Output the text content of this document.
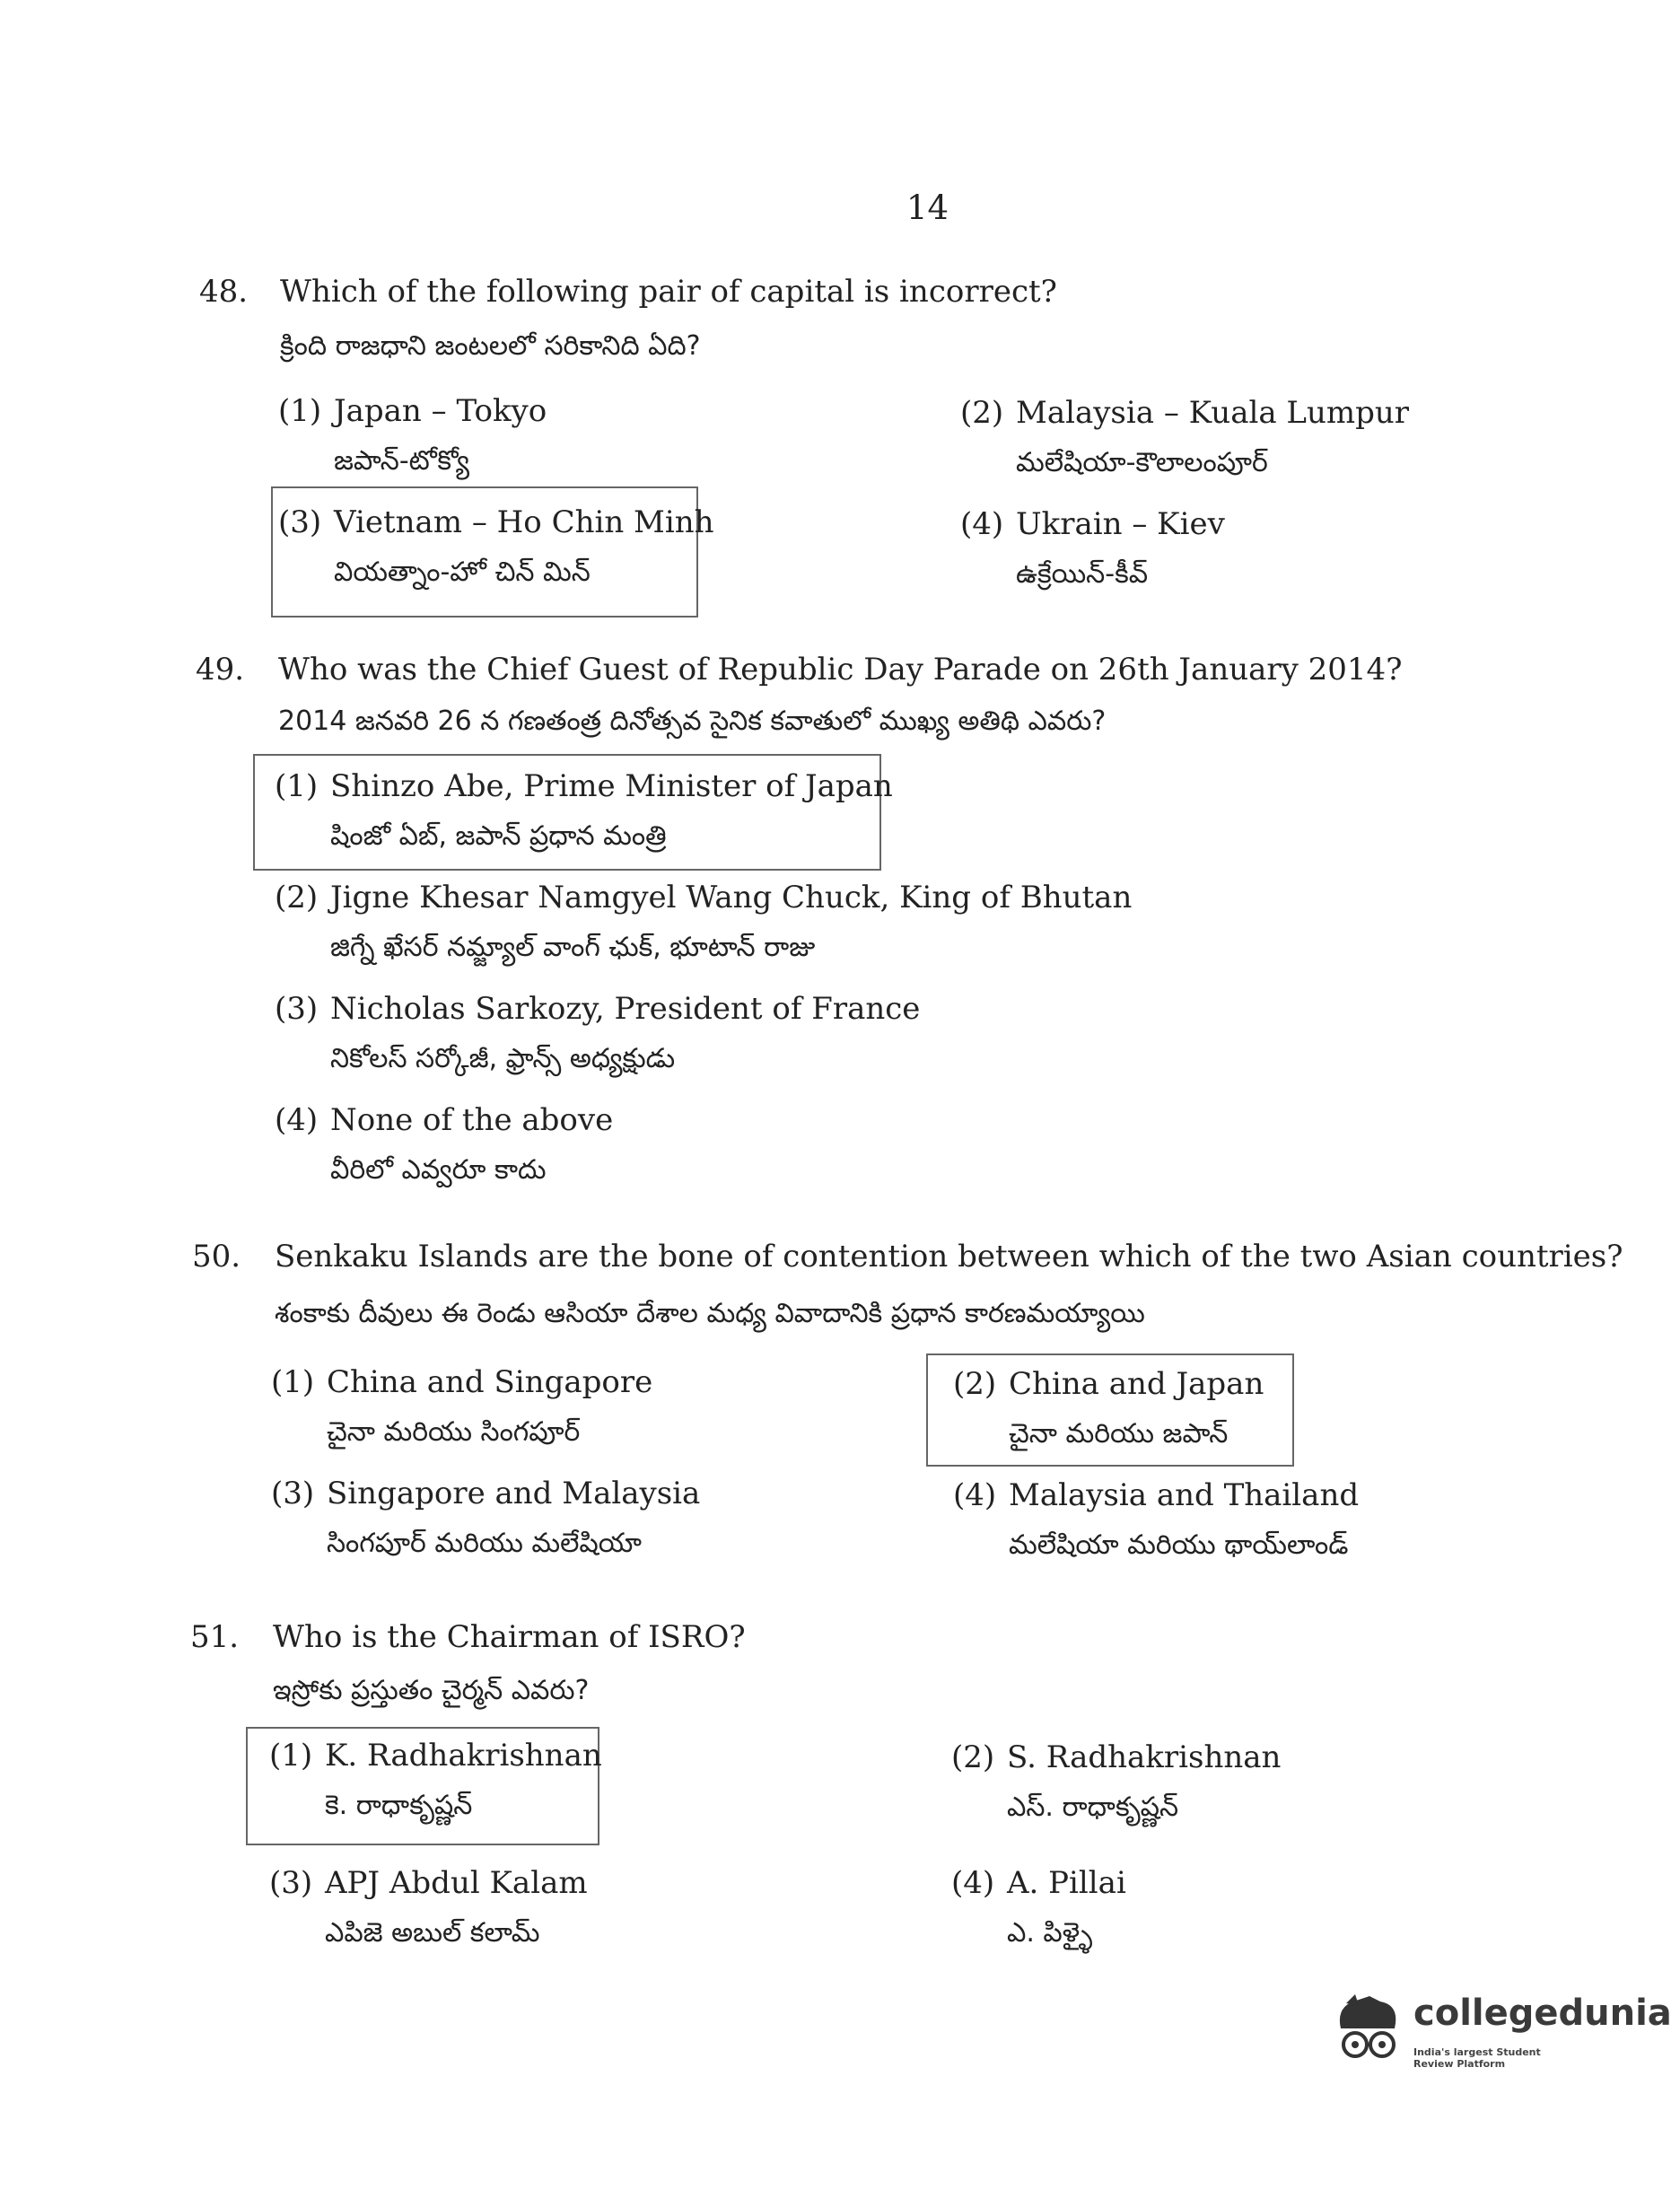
14
48. Which of the following pair of capital is incorrect?
క్రింది రాజధాని జంటలలో సరికానిది ఏది?
(1) Japan – Tokyo
జపాన్-టోక్యో
(2) Malaysia – Kuala Lumpur
మలేషియా-కౌలాలంపూర్
(3) Vietnam – Ho Chin Minh
వియత్నాం-హో చిన్ మిన్
(4) Ukrain – Kiev
ఉక్రేయిన్-కీవ్
49. Who was the Chief Guest of Republic Day Parade on 26th January 2014?
2014 జనవరి 26 న గణతంత్ర దినోత్సవ సైనిక కవాతులో ముఖ్య అతిథి ఎవరు?
(1) Shinzo Abe, Prime Minister of Japan
షింజో ఏబ్, జపాన్ ప్రధాన మంత్రి
(2) Jigne Khesar Namgyel Wang Chuck, King of Bhutan
జిగ్నే ఖేసర్ నమ్జ్యాల్ వాంగ్ ఛుక్, భూటాన్ రాజు
(3) Nicholas Sarkozy, President of France
నికోలస్ సర్కోజీ, ఫ్రాన్స్ అధ్యక్షుడు
(4) None of the above
వీరిలో ఎవ్వరూ కాదు
50. Senkaku Islands are the bone of contention between which of the two Asian countries?
శంకాకు దీవులు ఈ రెండు ఆసియా దేశాల మధ్య వివాదానికి ప్రధాన కారణమయ్యాయి
(1) China and Singapore
చైనా మరియు సింగపూర్
(2) China and Japan
చైనా మరియు జపాన్
(3) Singapore and Malaysia
సింగపూర్ మరియు మలేషియా
(4) Malaysia and Thailand
మలేషియా మరియు థాయ్‌లాండ్
51. Who is the Chairman of ISRO?
ఇస్రోకు ప్రస్తుతం చైర్మన్ ఎవరు?
(1) K. Radhakrishnan
కె. రాధాకృష్ణన్
(2) S. Radhakrishnan
ఎస్. రాధాకృష్ణన్
(3) APJ Abdul Kalam
ఎపిజె అబుల్ కలామ్
(4) A. Pillai
ఎ. పిళ్ళై
collegedunia
India's largest Student Review Platform
